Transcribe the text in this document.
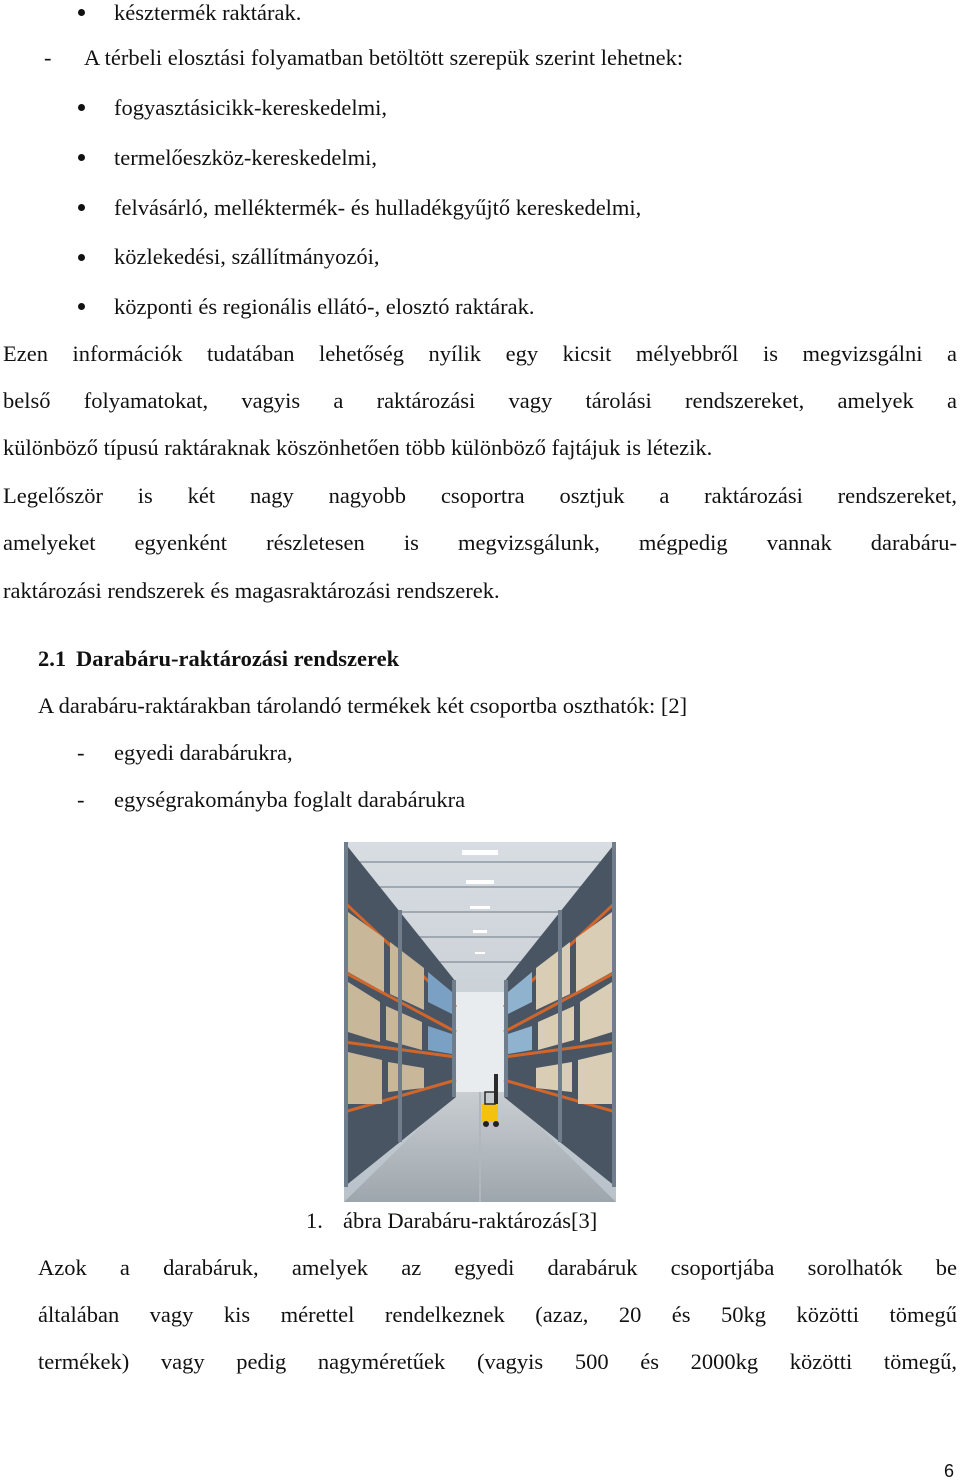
késztermék raktárak.
- A térbeli elosztási folyamatban betöltött szerepük szerint lehetnek:
fogyasztásicikk-kereskedelmi,
termelőeszköz-kereskedelmi,
felvásárló, melléktermék- és hulladékgyűjtő kereskedelmi,
közlekedési, szállítmányozói,
központi és regionális ellátó-, elosztó raktárak.
Ezen információk tudatában lehetőség nyílik egy kicsit mélyebbről is megvizsgálni a
belső folyamatokat, vagyis a raktározási vagy tárolási rendszereket, amelyek a
különböző típusú raktáraknak köszönhetően több különböző fajtájuk is létezik.
Legelőször is két nagy nagyobb csoportra osztjuk a raktározási rendszereket,
amelyeket egyenként részletesen is megvizsgálunk, mégpedig vannak darabáru-
raktározási rendszerek és magasraktározási rendszerek.
2.1 Darabáru-raktározási rendszerek
A darabáru-raktárakban tárolandó termékek két csoportba oszthatók: [2]
- egyedi darabárukra,
- egységrakományba foglalt darabárukra
1. ábra Darabáru-raktározás[3]
Azok a darabáruk, amelyek az egyedi darabáruk csoportjába sorolhatók be
általában vagy kis mérettel rendelkeznek (azaz, 20 és 50kg közötti tömegű
termékek) vagy pedig nagyméretűek (vagyis 500 és 2000kg közötti tömegű,
6
